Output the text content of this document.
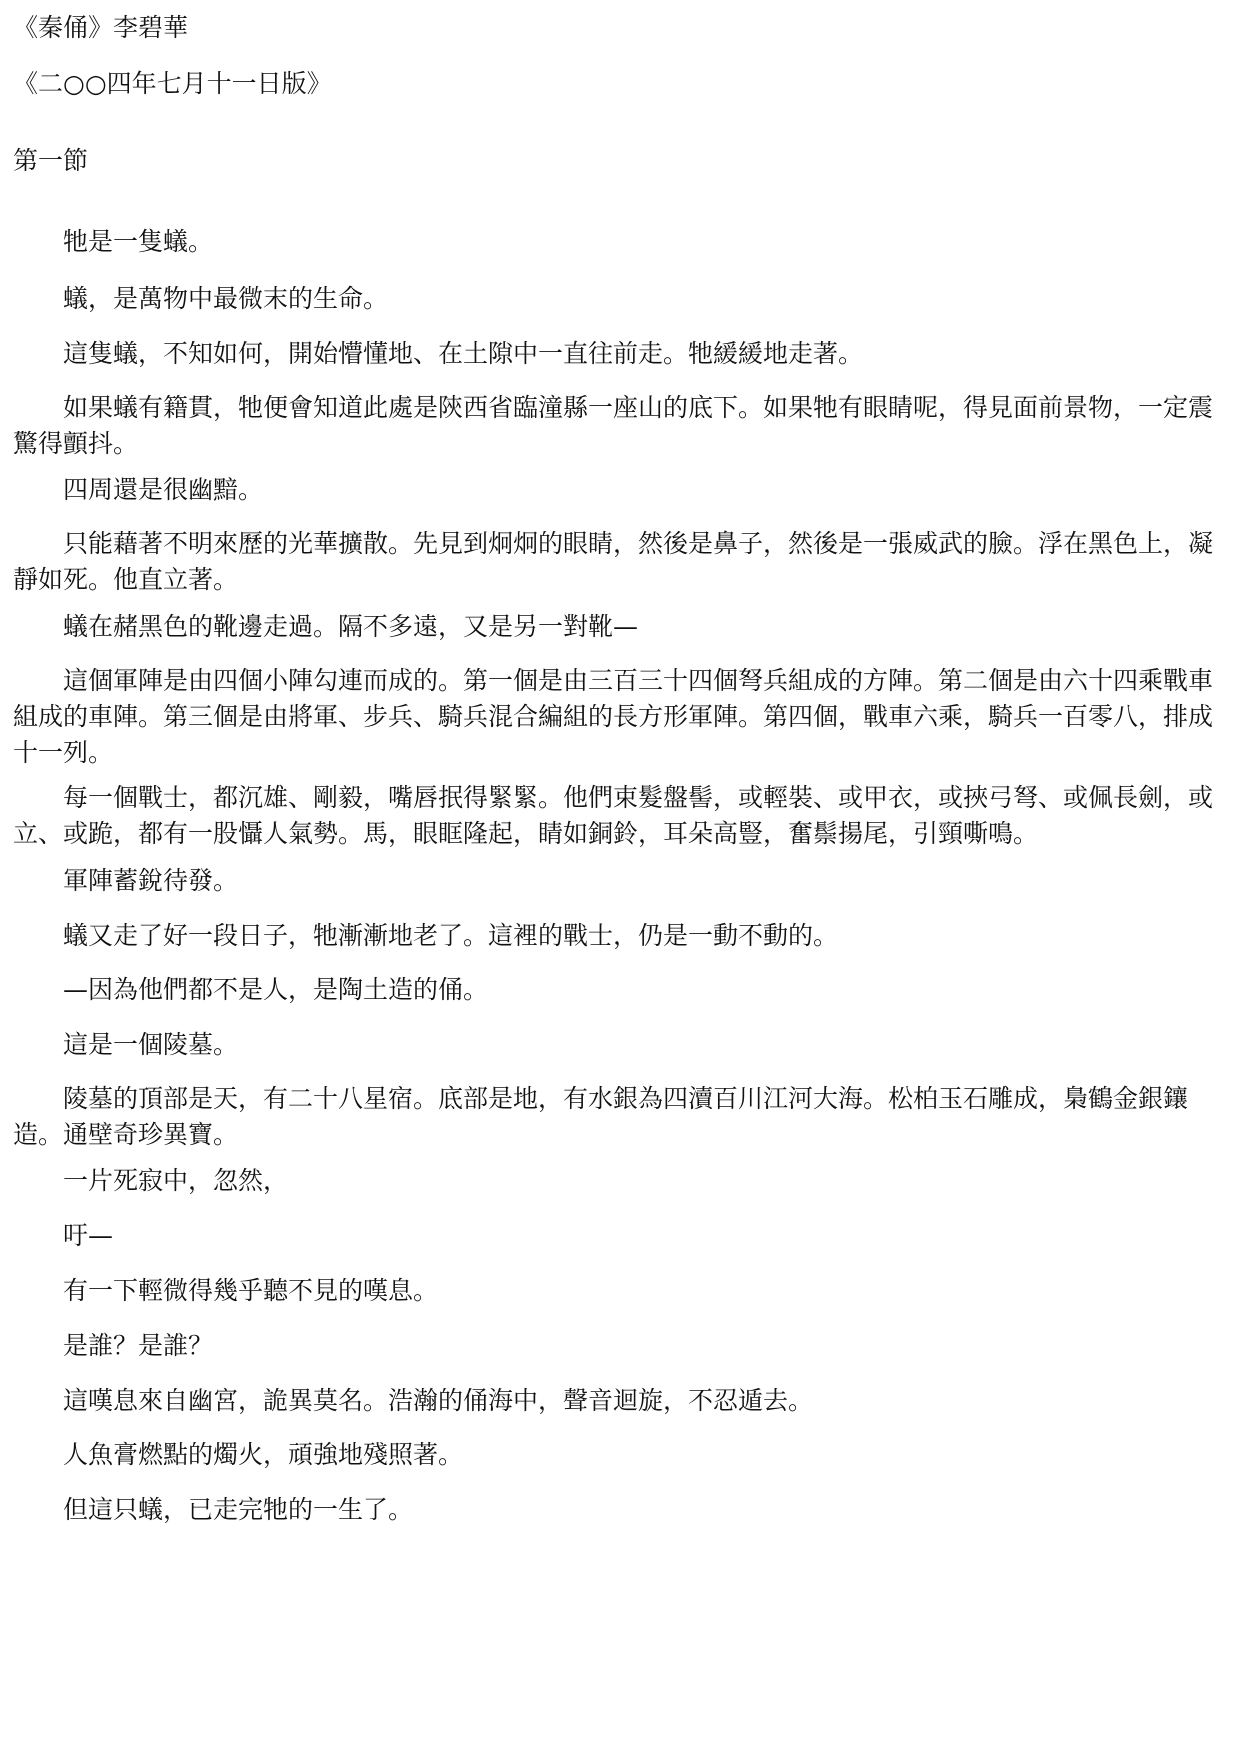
《秦俑》李碧華

《二○○四年七月十一日版》

第一節

牠是一隻蟻。

蟻，是萬物中最微末的生命。

這隻蟻，不知如何，開始懵懂地、在土隙中一直往前走。牠緩緩地走著。

如果蟻有籍貫，牠便會知道此處是陝西省臨潼縣一座山的底下。如果牠有眼睛呢，得見面前景物，一定震驚得顫抖。

四周還是很幽黯。

只能藉著不明來歷的光華擴散。先見到炯炯的眼睛，然後是鼻子，然後是一張威武的臉。浮在黑色上，凝靜如死。他直立著。

蟻在赭黑色的靴邊走過。隔不多遠，又是另一對靴—

這個軍陣是由四個小陣勾連而成的。第一個是由三百三十四個弩兵組成的方陣。第二個是由六十四乘戰車組成的車陣。第三個是由將軍、步兵、騎兵混合編組的長方形軍陣。第四個，戰車六乘，騎兵一百零八，排成十一列。

每一個戰士，都沉雄、剛毅，嘴唇抿得緊緊。他們束髮盤髻，或輕裝、或甲衣，或挾弓弩、或佩長劍，或立、或跪，都有一股懾人氣勢。馬，眼眶隆起，睛如銅鈴，耳朵高豎，奮鬃揚尾，引頸嘶鳴。

軍陣蓄銳待發。

蟻又走了好一段日子，牠漸漸地老了。這裡的戰士，仍是一動不動的。

—因為他們都不是人，是陶土造的俑。

這是一個陵墓。

陵墓的頂部是天，有二十八星宿。底部是地，有水銀為四瀆百川江河大海。松柏玉石雕成，梟鶴金銀鑲造。通壁奇珍異寶。

一片死寂中，忽然，

吁—

有一下輕微得幾乎聽不見的嘆息。

是誰？是誰？

這嘆息來自幽宮，詭異莫名。浩瀚的俑海中，聲音迴旋，不忍遁去。

人魚膏燃點的燭火，頑強地殘照著。

但這只蟻，已走完牠的一生了。
